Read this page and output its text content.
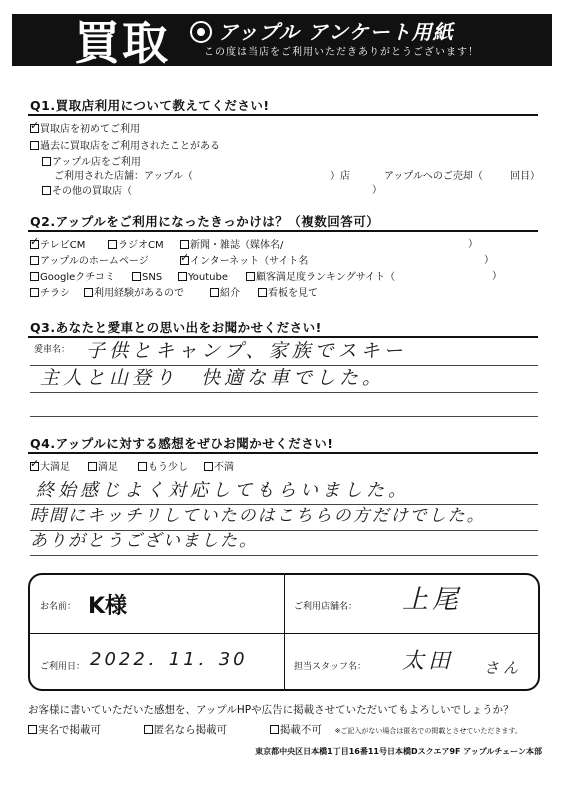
買取 アップル アンケート用紙
この度は当店をご利用いただきありがとうございます！
Q1.買取店利用について教えてください!
✓買取店を初めてご利用
過去に買取店をご利用されたことがある
アップル店をご利用
ご利用された店舗：アップル（	）店	アップルへのご売却（	回目）
その他の買取店（	）
Q2.アップルをご利用になったきっかけは？（複数回答可）
✓テレビCM	ラジオCM	新聞・雑誌（媒体名/	）
アップルのホームページ
✓	インターネット（サイト名	）
Googleクチコミ	SNS	Youtube	顧客満足度ランキングサイト（	）
チラシ	利用経験があるので	紹介	看板を見て
Q3.あなたと愛車との思い出をお聞かせください!
愛車名： 子供とキャンプ、家族でスキー
主人と山登り　快適な車でした。
Q4.アップルに対する感想をぜひお聞かせください!
✓大満足	満足	もう少し	不満
終始感じよく対応してもらいました。
時間にキッチリしていたのはこちらの方だけでした。
ありがとうございました。
お名前： K様	ご利用店舗名： 上尾
ご利用日： 2022．11．30	担当スタッフ名： 太田 さん
お客様に書いていただいた感想を、アップルHPや広告に掲載させていただいてもよろしいでしょうか？
実名で掲載可	匿名なら掲載可	掲載不可 ※ご記入がない場合は匿名での掲載とさせていただきます。
東京都中央区日本橋1丁目16番11号日本橋Dスクエア9F アップルチェーン本部
